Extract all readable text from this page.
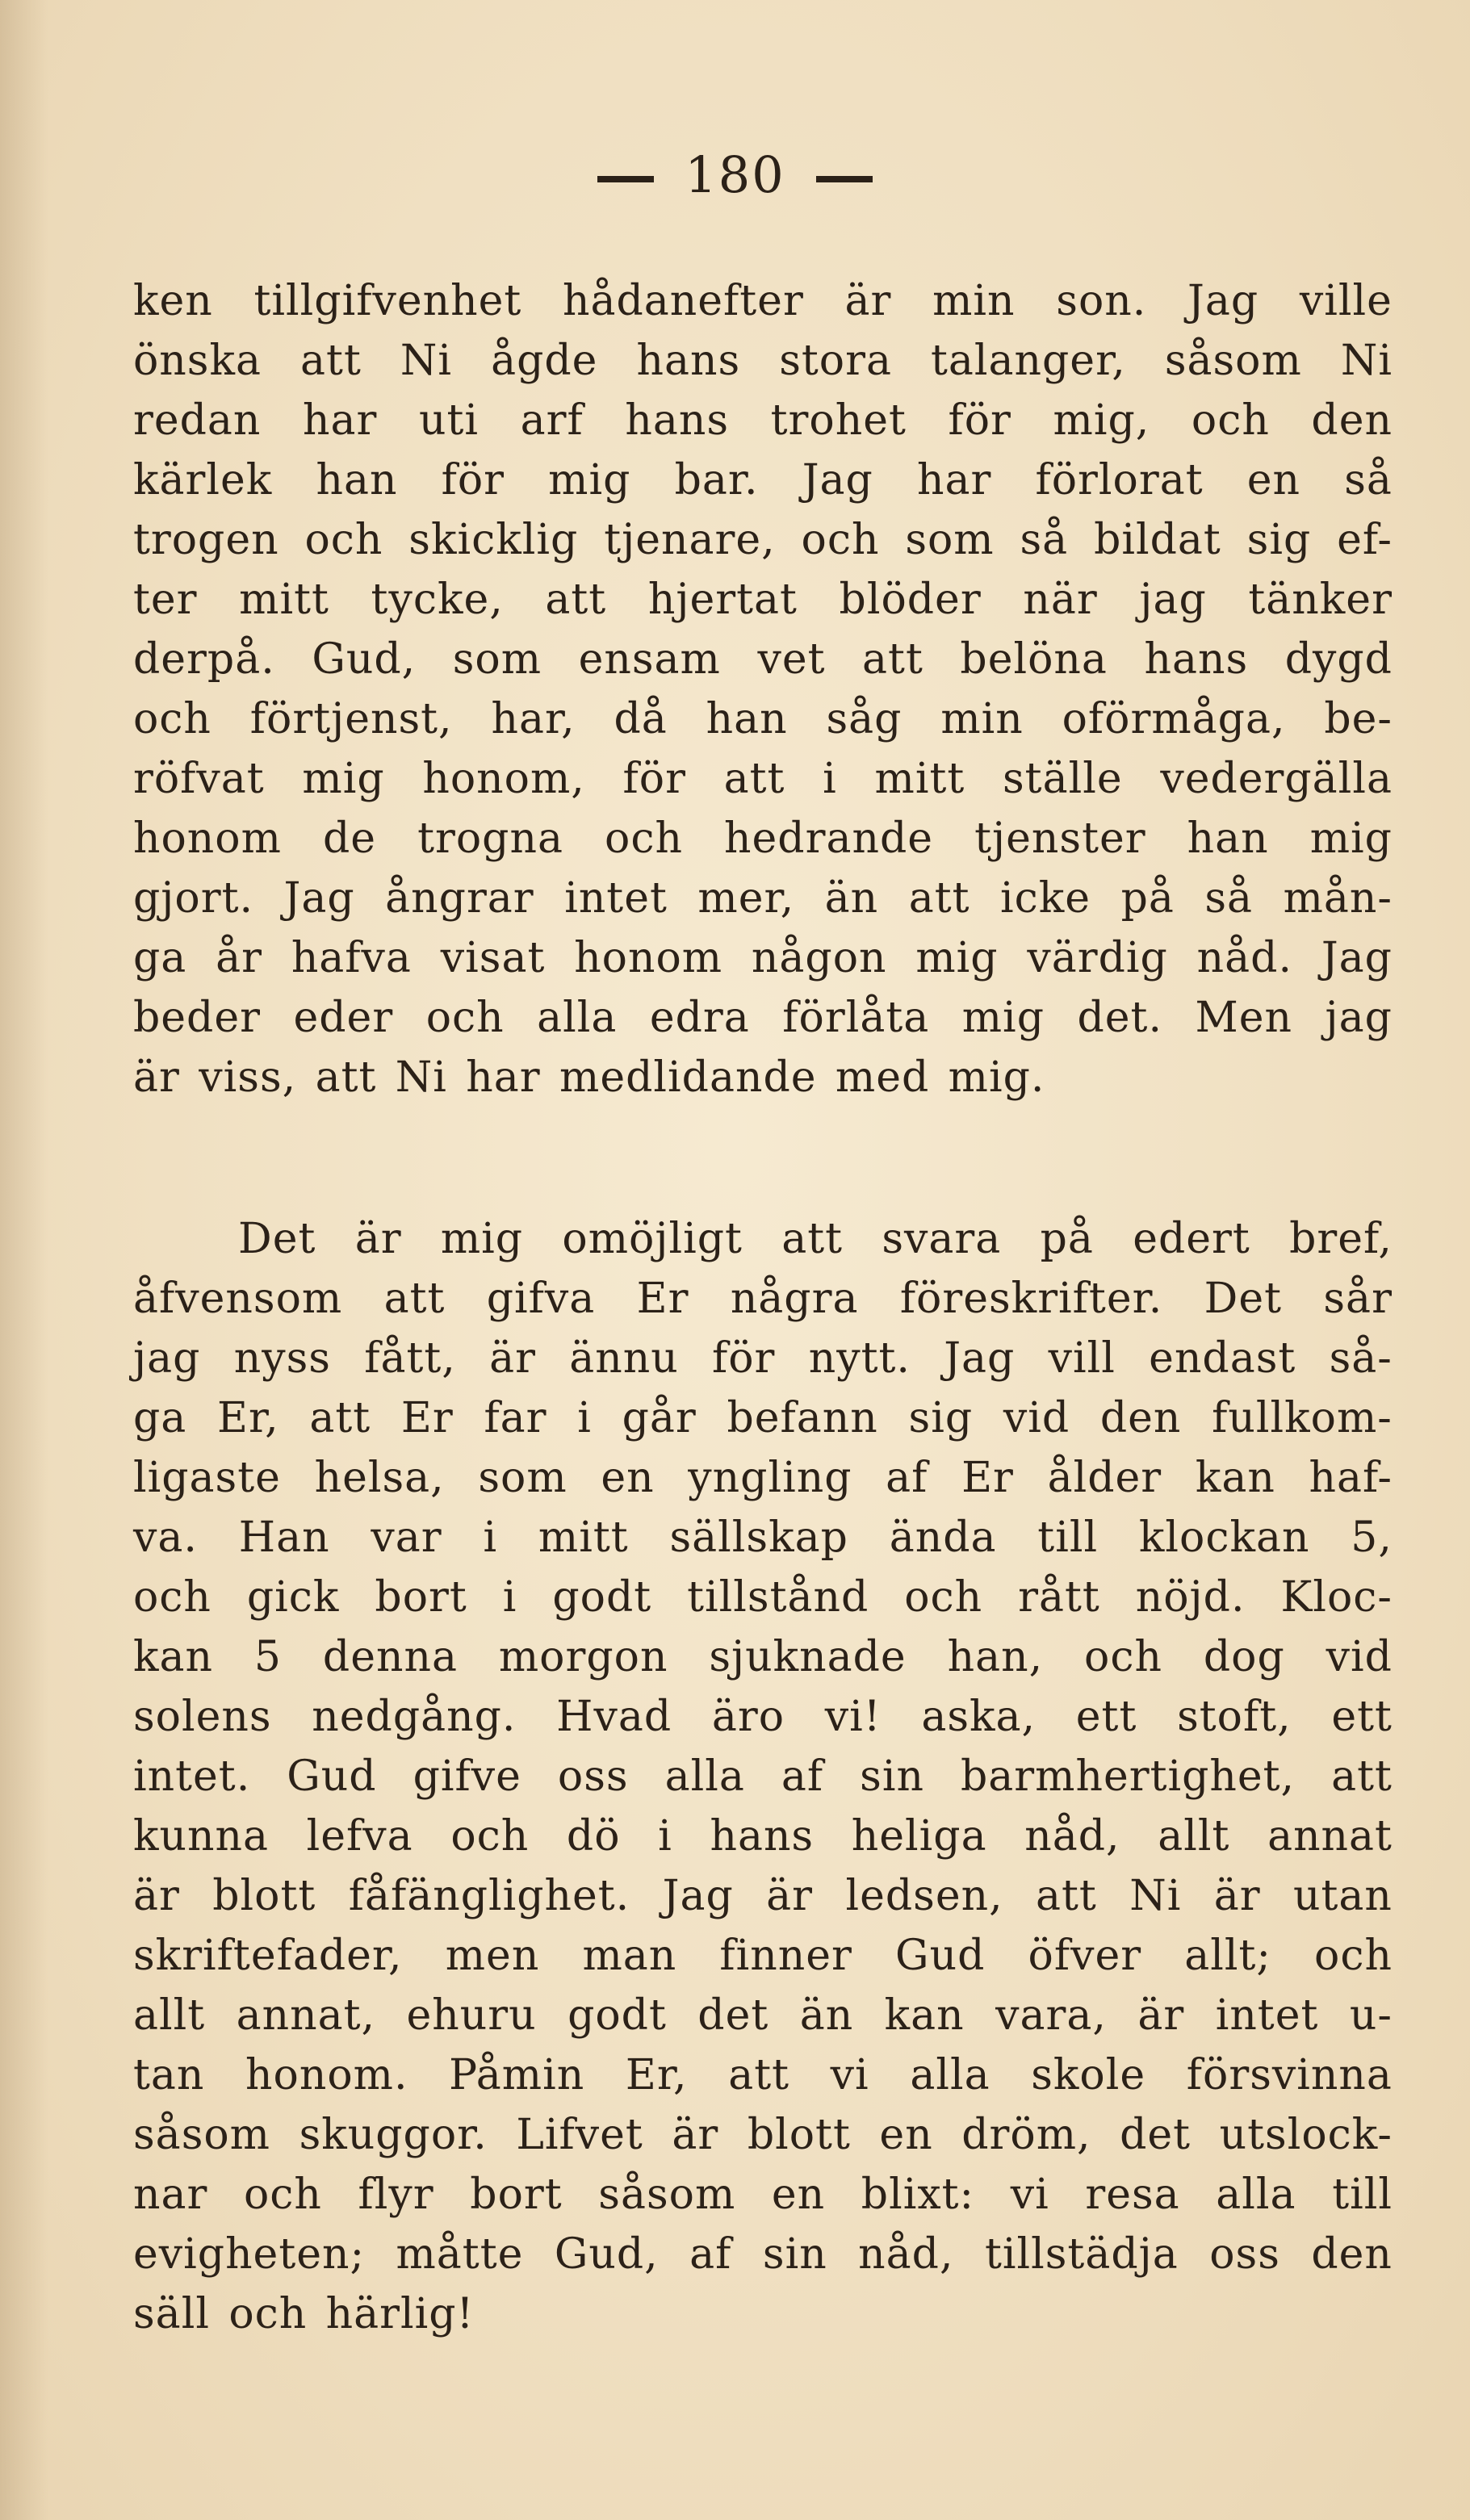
180
ken tillgifvenhet hådanefter är min son. Jag ville
önska att Ni ågde hans stora talanger, såsom Ni
redan har uti arf hans trohet för mig, och den
kärlek han för mig bar. Jag har förlorat en så
trogen och skicklig tjenare, och som så bildat sig ef-
ter mitt tycke, att hjertat blöder när jag tänker
derpå. Gud, som ensam vet att belöna hans dygd
och förtjenst, har, då han såg min oförmåga, be-
röfvat mig honom, för att i mitt ställe vedergälla
honom de trogna och hedrande tjenster han mig
gjort. Jag ångrar intet mer, än att icke på så mån-
ga år hafva visat honom någon mig värdig nåd. Jag
beder eder och alla edra förlåta mig det. Men jag
är viss, att Ni har medlidande med mig.
Det är mig omöjligt att svara på edert bref,
åfvensom att gifva Er några föreskrifter. Det sår
jag nyss fått, är ännu för nytt. Jag vill endast så-
ga Er, att Er far i går befann sig vid den fullkom-
ligaste helsa, som en yngling af Er ålder kan haf-
va. Han var i mitt sällskap ända till klockan 5,
och gick bort i godt tillstånd och rått nöjd. Kloc-
kan 5 denna morgon sjuknade han, och dog vid
solens nedgång. Hvad äro vi! aska, ett stoft, ett
intet. Gud gifve oss alla af sin barmhertighet, att
kunna lefva och dö i hans heliga nåd, allt annat
är blott fåfänglighet. Jag är ledsen, att Ni är utan
skriftefader, men man finner Gud öfver allt; och
allt annat, ehuru godt det än kan vara, är intet u-
tan honom. Påmin Er, att vi alla skole försvinna
såsom skuggor. Lifvet är blott en dröm, det utslock-
nar och flyr bort såsom en blixt: vi resa alla till
evigheten; måtte Gud, af sin nåd, tillstädja oss den
säll och härlig!
